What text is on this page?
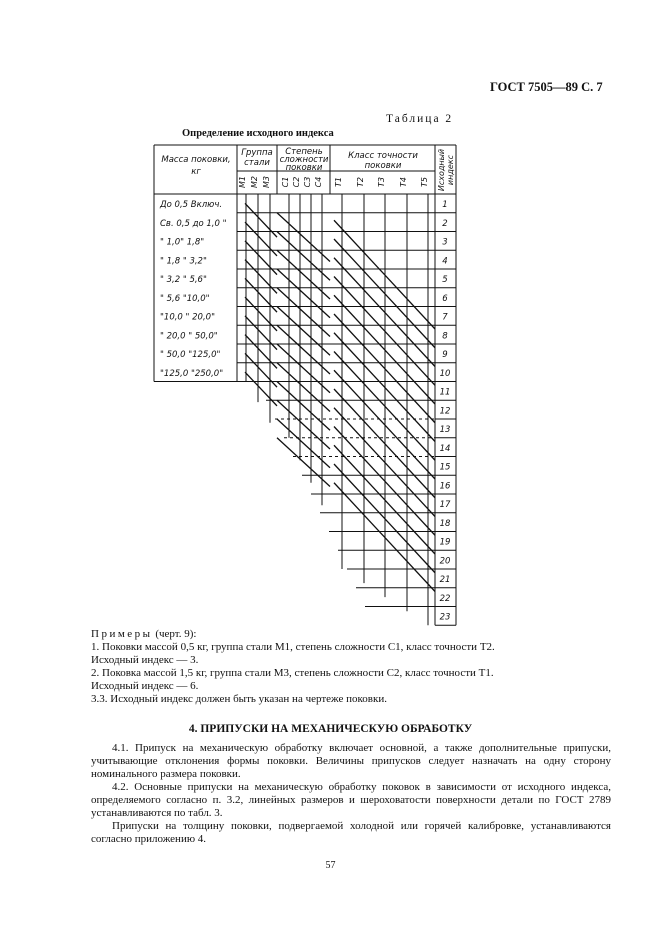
ГОСТ 7505—89 С. 7
Таблица 2
Определение исходного индекса
Масса поковки,
кг
Группа
стали
Степень
сложности
поковки
Класс точности
поковки	Исходный индекс
М1 М2 М3 С1 С2 С3 С4 Т1 Т2 Т3 Т4 Т5
До 0,5 Включ.
Св. 0,5 до 1,0 "
" 1,0" 1,8"
" 1,8 " 3,2"
" 3,2 " 5,6"
" 5,6 "10,0"
"10,0 " 20,0"
" 20,0 " 50,0"
" 50,0 "125,0"
"125,0 "250,0"
1
2
3
4
5
6
7
8
9
10
11
12
13
14
15
16
17
18
19
20
21
22
23

Примеры (черт. 9):

1. Поковки массой 0,5 кг, группа стали М1, степень сложности С1, класс точности Т2.

Исходный индекс — 3.

2. Поковка массой 1,5 кг, группа стали М3, степень сложности С2, класс точности Т1.

Исходный индекс — 6.

3.3. Исходный индекс должен быть указан на чертеже поковки.

4. ПРИПУСКИ НА МЕХАНИЧЕСКУЮ ОБРАБОТКУ

4.1. Припуск на механическую обработку включает основной, а также дополнительные припуски, учитывающие отклонения формы поковки. Величины припусков следует назначать на одну сторону номинального размера поковки.

4.2. Основные припуски на механическую обработку поковок в зависимости от исходного индекса, определяемого согласно п. 3.2, линейных размеров и шероховатости поверхности детали по ГОСТ 2789 устанавливаются по табл. 3.

Припуски на толщину поковки, подвергаемой холодной или горячей калибровке, устанавливаются согласно приложению 4.

57
